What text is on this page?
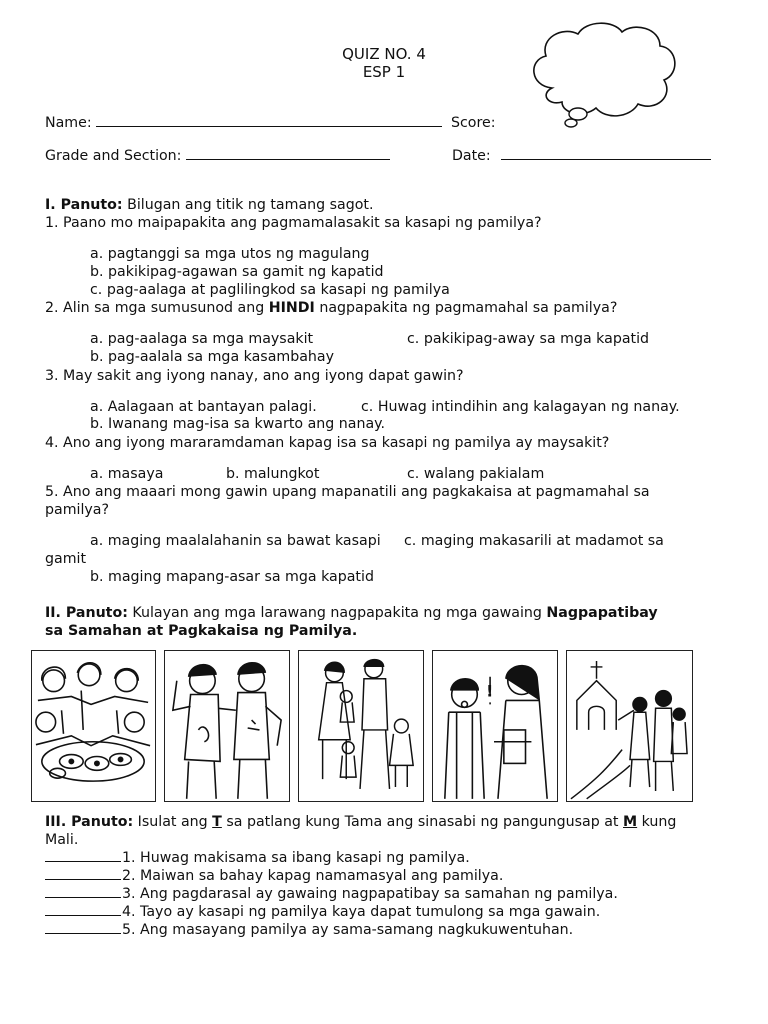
QUIZ NO. 4
ESP 1
Name:	Score:
Grade and Section:	Date:
I. Panuto: Bilugan ang titik ng tamang sagot.
1. Paano mo maipapakita ang pagmamalasakit sa kasapi ng pamilya?
a. pagtanggi sa mga utos ng magulang
b. pakikipag-agawan sa gamit ng kapatid
c. pag-aalaga at paglilingkod sa kasapi ng pamilya
2. Alin sa mga sumusunod ang HINDI nagpapakita ng pagmamahal sa pamilya?
a. pag-aalaga sa mga maysakit	c. pakikipag-away sa mga kapatid
b. pag-aalala sa mga kasambahay
3. May sakit ang iyong nanay, ano ang iyong dapat gawin?
a. Aalagaan at bantayan palagi.	c. Huwag intindihin ang kalagayan ng nanay.
b. Iwanang mag-isa sa kwarto ang nanay.
4. Ano ang iyong mararamdaman kapag isa sa kasapi ng pamilya ay maysakit?
a. masaya	b. malungkot	c. walang pakialam
5. Ano ang maaari mong gawin upang mapanatili ang pagkakaisa at pagmamahal sa
pamilya?
a. maging maalalahanin sa bawat kasapi c. maging makasarili at madamot sa
gamit
b. maging mapang-asar sa mga kapatid
II. Panuto: Kulayan ang mga larawang nagpapakita ng mga gawaing Nagpapatibay
sa Samahan at Pagkakaisa ng Pamilya.
!
III. Panuto: Isulat ang T sa patlang kung Tama ang sinasabi ng pangungusap at M kung
Mali.
1. Huwag makisama sa ibang kasapi ng pamilya.
2. Maiwan sa bahay kapag namamasyal ang pamilya.
3. Ang pagdarasal ay gawaing nagpapatibay sa samahan ng pamilya.
4. Tayo ay kasapi ng pamilya kaya dapat tumulong sa mga gawain.
5. Ang masayang pamilya ay sama-samang nagkukuwentuhan.
